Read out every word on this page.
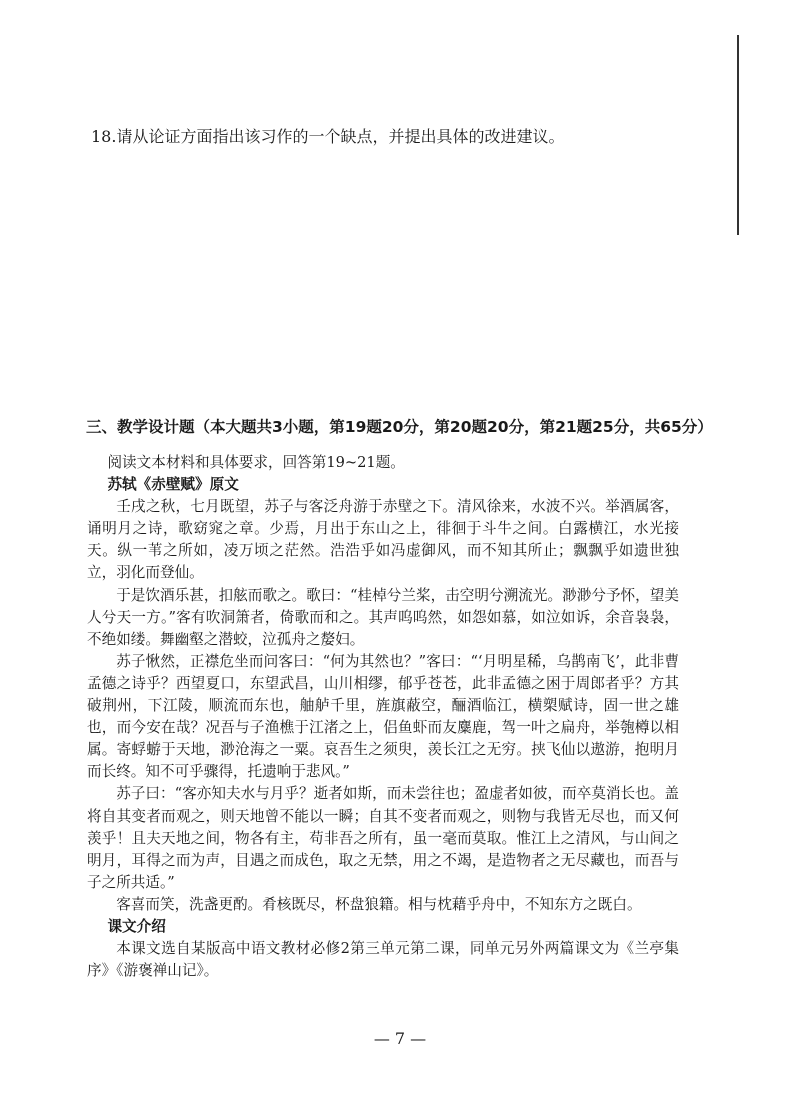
18.请从论证方面指出该习作的一个缺点，并提出具体的改进建议。
三、教学设计题（本大题共3小题，第19题20分，第20题20分，第21题25分，共65分）

阅读文本材料和具体要求，回答第19~21题。

苏轼《赤壁赋》原文

壬戌之秋，七月既望，苏子与客泛舟游于赤壁之下。清风徐来，水波不兴。举酒属客，诵明月之诗，歌窈窕之章。少焉，月出于东山之上，徘徊于斗牛之间。白露横江，水光接天。纵一苇之所如，凌万顷之茫然。浩浩乎如冯虚御风，而不知其所止；飘飘乎如遗世独立，羽化而登仙。

于是饮酒乐甚，扣舷而歌之。歌曰：“桂棹兮兰桨，击空明兮溯流光。渺渺兮予怀，望美人兮天一方。”客有吹洞箫者，倚歌而和之。其声呜呜然，如怨如慕，如泣如诉，余音袅袅，不绝如缕。舞幽壑之潜蛟，泣孤舟之嫠妇。

苏子愀然，正襟危坐而问客曰：“何为其然也？”客曰：“‘月明星稀，乌鹊南飞’，此非曹孟德之诗乎？西望夏口，东望武昌，山川相缪，郁乎苍苍，此非孟德之困于周郎者乎？方其破荆州，下江陵，顺流而东也，舳舻千里，旌旗蔽空，酾酒临江，横槊赋诗，固一世之雄也，而今安在哉？况吾与子渔樵于江渚之上，侣鱼虾而友麋鹿，驾一叶之扁舟，举匏樽以相属。寄蜉蝣于天地，渺沧海之一粟。哀吾生之须臾，羡长江之无穷。挟飞仙以遨游，抱明月而长终。知不可乎骤得，托遗响于悲风。”

苏子曰：“客亦知夫水与月乎？逝者如斯，而未尝往也；盈虚者如彼，而卒莫消长也。盖将自其变者而观之，则天地曾不能以一瞬；自其不变者而观之，则物与我皆无尽也，而又何羡乎！且夫天地之间，物各有主，苟非吾之所有，虽一毫而莫取。惟江上之清风，与山间之明月，耳得之而为声，目遇之而成色，取之无禁，用之不竭，是造物者之无尽藏也，而吾与子之所共适。”

客喜而笑，洗盏更酌。肴核既尽，杯盘狼籍。相与枕藉乎舟中，不知东方之既白。

课文介绍

本课文选自某版高中语文教材必修2第三单元第二课，同单元另外两篇课文为《兰亭集序》《游褒禅山记》。

— 7 —
